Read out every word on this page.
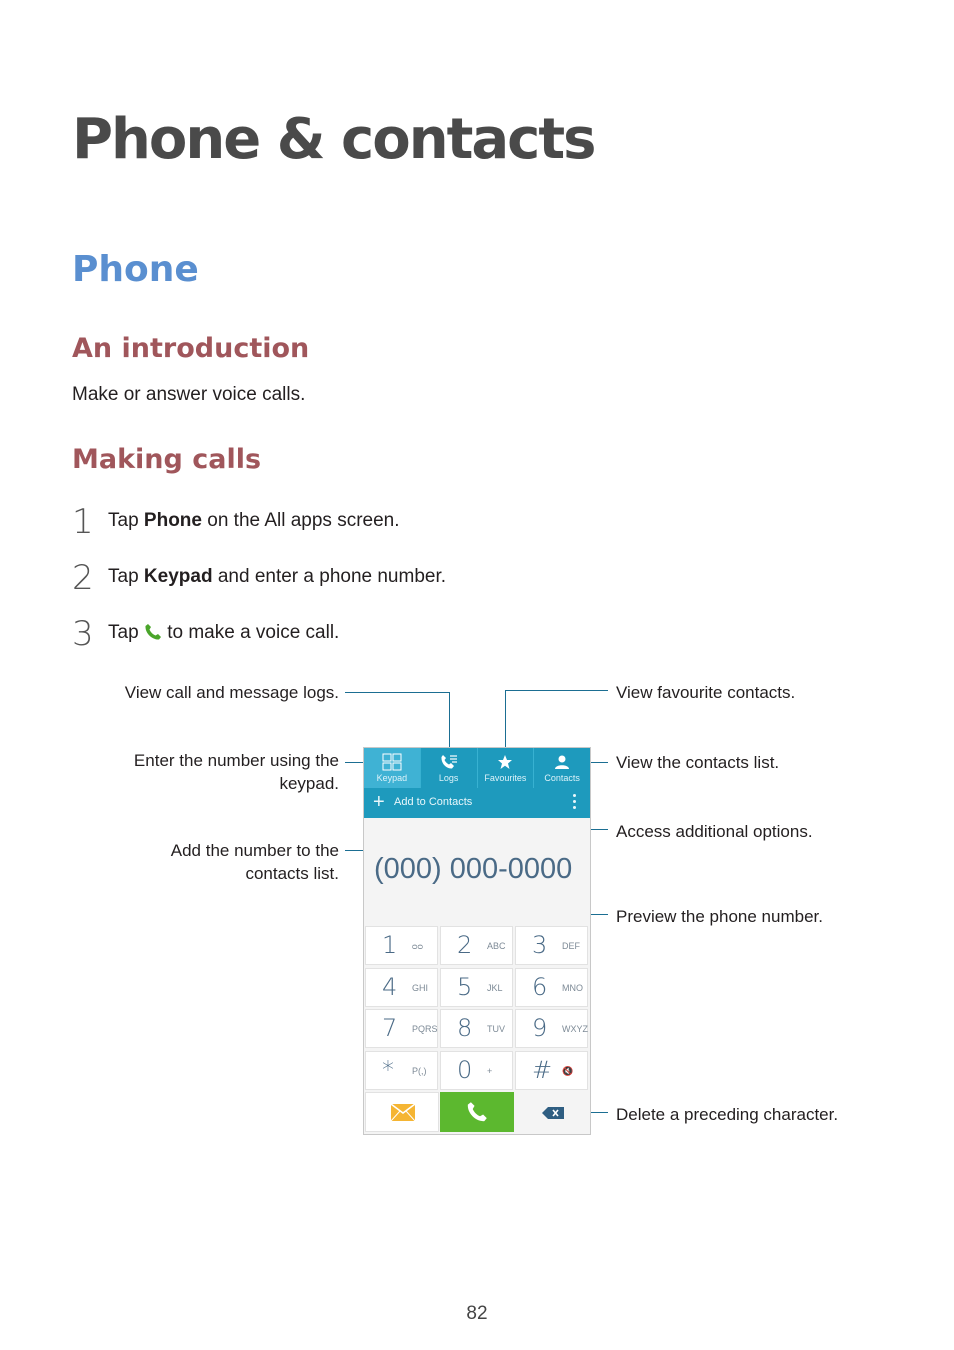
Phone & contacts
Phone
An introduction
Make or answer voice calls.
Making calls
1 Tap Phone on the All apps screen.
2 Tap Keypad and enter a phone number.
3 Tap  to make a voice call.
View call and message logs.	View favourite contacts.
Enter the number using the keypad.
View the contacts list.
Access additional options.
Add the number to the contacts list.
Preview the phone number.
Delete a preceding character.
Keypad	Logs	Favourites	Contacts
+ Add to Contacts
(000) 000-0000
1 ᴑᴑ 2 ABC 3 DEF
4 GHI 5 JKL 6 MNO
7 PQRS 8 TUV 9 WXYZ
* P(,) 0 + # 🔇
82
